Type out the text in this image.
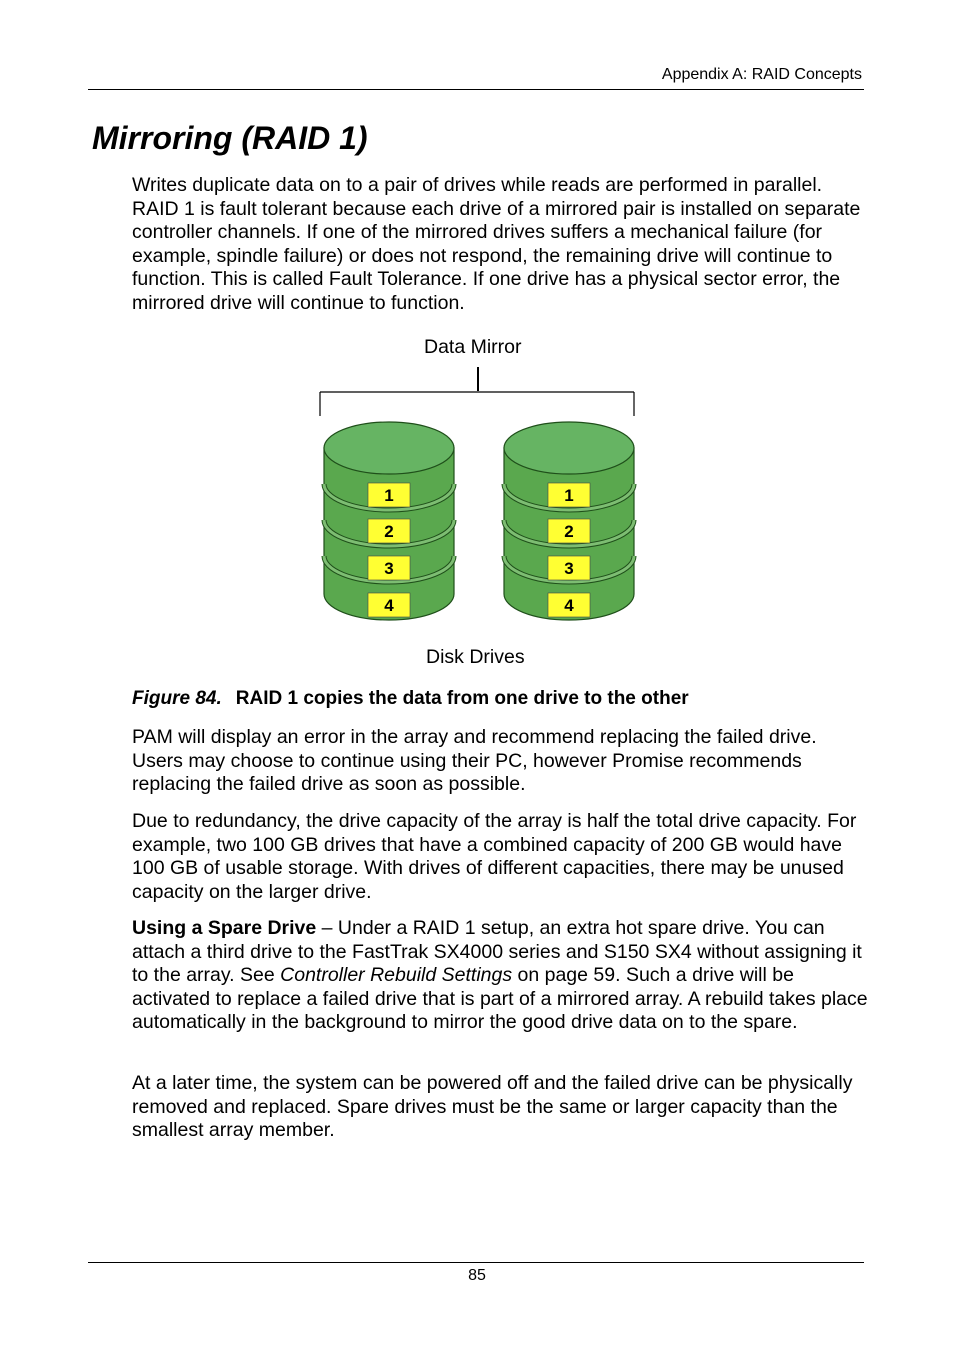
Appendix A: RAID Concepts
Mirroring (RAID 1)

Writes duplicate data on to a pair of drives while reads are performed in parallel. RAID 1 is fault tolerant because each drive of a mirrored pair is installed on separate controller channels. If one of the mirrored drives suffers a mechanical failure (for example, spindle failure) or does not respond, the remaining drive will continue to function. This is called Fault Tolerance. If one drive has a physical sector error, the mirrored drive will continue to function.

1
2
3
4
1
2
3
4
Data Mirror
Disk Drives
Figure 84. RAID 1 copies the data from one drive to the other

PAM will display an error in the array and recommend replacing the failed drive. Users may choose to continue using their PC, however Promise recommends replacing the failed drive as soon as possible.

Due to redundancy, the drive capacity of the array is half the total drive capacity. For example, two 100 GB drives that have a combined capacity of 200 GB would have 100 GB of usable storage. With drives of different capacities, there may be unused capacity on the larger drive.

Using a Spare Drive – Under a RAID 1 setup, an extra hot spare drive. You can attach a third drive to the FastTrak SX4000 series and S150 SX4 without assigning it to the array. See Controller Rebuild Settings on page 59. Such a drive will be activated to replace a failed drive that is part of a mirrored array. A rebuild takes place automatically in the background to mirror the good drive data on to the spare.

At a later time, the system can be powered off and the failed drive can be physically removed and replaced. Spare drives must be the same or larger capacity than the smallest array member.

85
